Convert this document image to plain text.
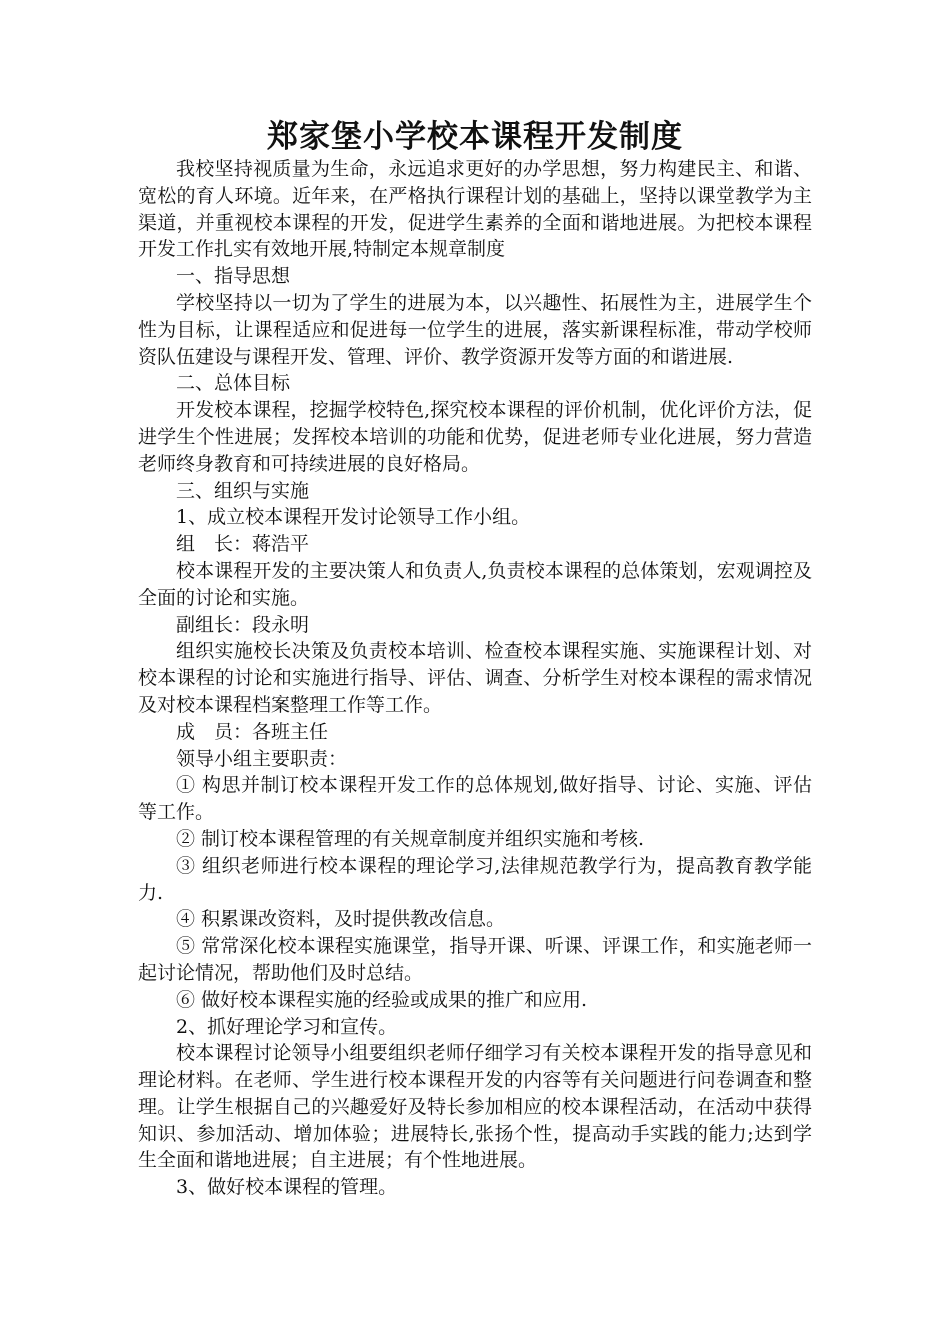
郑家堡小学校本课程开发制度

我校坚持视质量为生命，永远追求更好的办学思想，努力构建民主、和谐、宽松的育人环境。近年来，在严格执行课程计划的基础上，坚持以课堂教学为主渠道，并重视校本课程的开发，促进学生素养的全面和谐地进展。为把校本课程开发工作扎实有效地开展,特制定本规章制度

一、指导思想

学校坚持以一切为了学生的进展为本，以兴趣性、拓展性为主，进展学生个性为目标，让课程适应和促进每一位学生的进展，落实新课程标准，带动学校师资队伍建设与课程开发、管理、评价、教学资源开发等方面的和谐进展.

二、总体目标

开发校本课程，挖掘学校特色,探究校本课程的评价机制，优化评价方法，促进学生个性进展；发挥校本培训的功能和优势，促进老师专业化进展，努力营造老师终身教育和可持续进展的良好格局。

三、组织与实施

1、成立校本课程开发讨论领导工作小组。

组　长：蒋浩平

校本课程开发的主要决策人和负责人,负责校本课程的总体策划，宏观调控及全面的讨论和实施。

副组长：段永明

组织实施校长决策及负责校本培训、检查校本课程实施、实施课程计划、对校本课程的讨论和实施进行指导、评估、调查、分析学生对校本课程的需求情况及对校本课程档案整理工作等工作。

成　员：各班主任

领导小组主要职责：

① 构思并制订校本课程开发工作的总体规划,做好指导、讨论、实施、评估等工作。

② 制订校本课程管理的有关规章制度并组织实施和考核.

③ 组织老师进行校本课程的理论学习,法律规范教学行为，提高教育教学能力.

④ 积累课改资料，及时提供教改信息。

⑤ 常常深化校本课程实施课堂，指导开课、听课、评课工作，和实施老师一起讨论情况，帮助他们及时总结。

⑥ 做好校本课程实施的经验或成果的推广和应用.

2、抓好理论学习和宣传。

校本课程讨论领导小组要组织老师仔细学习有关校本课程开发的指导意见和理论材料。在老师、学生进行校本课程开发的内容等有关问题进行问卷调查和整理。让学生根据自己的兴趣爱好及特长参加相应的校本课程活动，在活动中获得知识、参加活动、增加体验；进展特长,张扬个性，提高动手实践的能力;达到学生全面和谐地进展；自主进展；有个性地进展。

3、做好校本课程的管理。
